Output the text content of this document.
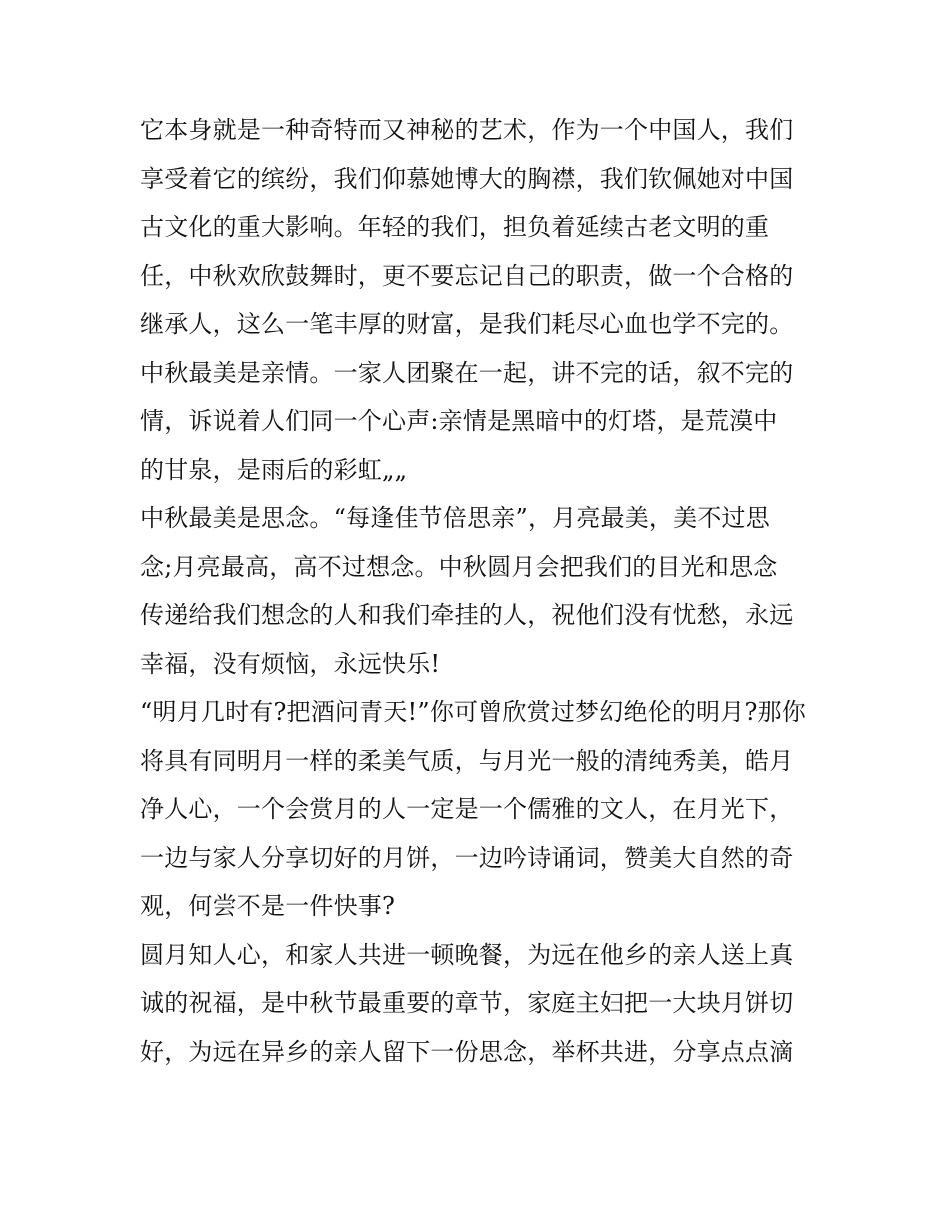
它本身就是一种奇特而又神秘的艺术，作为一个中国人，我们
享受着它的缤纷，我们仰慕她博大的胸襟，我们钦佩她对中国
古文化的重大影响。年轻的我们，担负着延续古老文明的重
任，中秋欢欣鼓舞时，更不要忘记自己的职责，做一个合格的
继承人，这么一笔丰厚的财富，是我们耗尽心血也学不完的。
中秋最美是亲情。一家人团聚在一起，讲不完的话，叙不完的
情，诉说着人们同一个心声:亲情是黑暗中的灯塔，是荒漠中
的甘泉，是雨后的彩虹„„
中秋最美是思念。“每逢佳节倍思亲”，月亮最美，美不过思
念;月亮最高，高不过想念。中秋圆月会把我们的目光和思念
传递给我们想念的人和我们牵挂的人，祝他们没有忧愁，永远
幸福，没有烦恼，永远快乐!
“明月几时有?把酒问青天!”你可曾欣赏过梦幻绝伦的明月?那你
将具有同明月一样的柔美气质，与月光一般的清纯秀美，皓月
净人心，一个会赏月的人一定是一个儒雅的文人，在月光下，
一边与家人分享切好的月饼，一边吟诗诵词，赞美大自然的奇
观，何尝不是一件快事?
圆月知人心，和家人共进一顿晚餐，为远在他乡的亲人送上真
诚的祝福，是中秋节最重要的章节，家庭主妇把一大块月饼切
好，为远在异乡的亲人留下一份思念，举杯共进，分享点点滴
